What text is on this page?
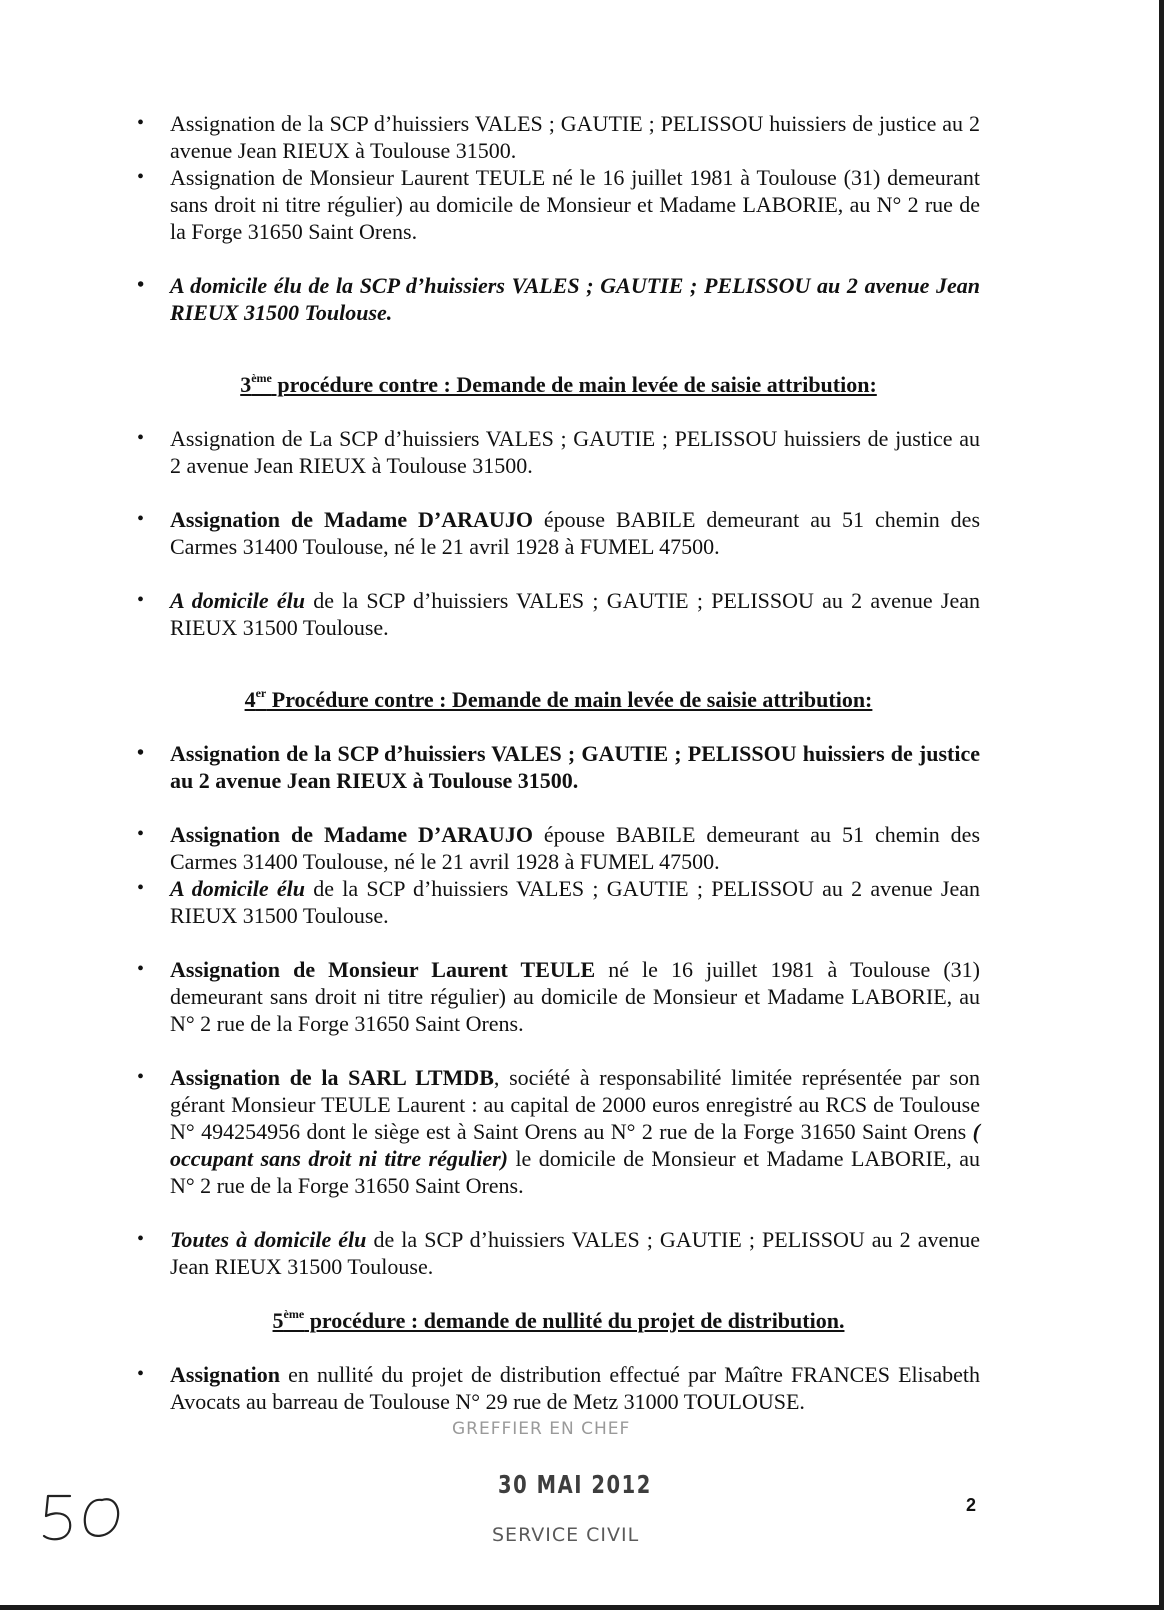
• Assignation de la SCP d’huissiers VALES ; GAUTIE ; PELISSOU huissiers de justice au 2 avenue Jean RIEUX à Toulouse 31500.

• Assignation de Monsieur Laurent TEULE né le 16 juillet 1981 à Toulouse (31) demeurant sans droit ni titre régulier) au domicile de Monsieur et Madame LABORIE, au N° 2 rue de la Forge 31650 Saint Orens.

• A domicile élu de la SCP d’huissiers VALES ; GAUTIE ; PELISSOU au 2 avenue Jean RIEUX 31500 Toulouse.

3ème procédure contre : Demande de main levée de saisie attribution:

• Assignation de La SCP d’huissiers VALES ; GAUTIE ; PELISSOU huissiers de justice au 2 avenue Jean RIEUX à Toulouse 31500.

• Assignation de Madame D’ARAUJO épouse BABILE demeurant au 51 chemin des Carmes 31400 Toulouse, né le 21 avril 1928 à FUMEL 47500.

• A domicile élu de la SCP d’huissiers VALES ; GAUTIE ; PELISSOU au 2 avenue Jean RIEUX 31500 Toulouse.

4er Procédure contre : Demande de main levée de saisie attribution:

• Assignation de la SCP d’huissiers VALES ; GAUTIE ; PELISSOU huissiers de justice au 2 avenue Jean RIEUX à Toulouse 31500.

• Assignation de Madame D’ARAUJO épouse BABILE demeurant au 51 chemin des Carmes 31400 Toulouse, né le 21 avril 1928 à FUMEL 47500.

• A domicile élu de la SCP d’huissiers VALES ; GAUTIE ; PELISSOU au 2 avenue Jean RIEUX 31500 Toulouse.

• Assignation de Monsieur Laurent TEULE né le 16 juillet 1981 à Toulouse (31) demeurant sans droit ni titre régulier) au domicile de Monsieur et Madame LABORIE, au N° 2 rue de la Forge 31650 Saint Orens.

• Assignation de la SARL LTMDB, société à responsabilité limitée représentée par son gérant Monsieur TEULE Laurent : au capital de 2000 euros enregistré au RCS de Toulouse N° 494254956 dont le siège est à Saint Orens au N° 2 rue de la Forge 31650 Saint Orens ( occupant sans droit ni titre régulier) le domicile de Monsieur et Madame LABORIE, au N° 2 rue de la Forge 31650 Saint Orens.

• Toutes à domicile élu de la SCP d’huissiers VALES ; GAUTIE ; PELISSOU au 2 avenue Jean RIEUX 31500 Toulouse.

5ème procédure : demande de nullité du projet de distribution.

• Assignation en nullité du projet de distribution effectué par Maître FRANCES Elisabeth Avocats au barreau de Toulouse N° 29 rue de Metz 31000 TOULOUSE.

GREFFIER EN CHEF
30 MAI 2012
SERVICE CIVIL
2
